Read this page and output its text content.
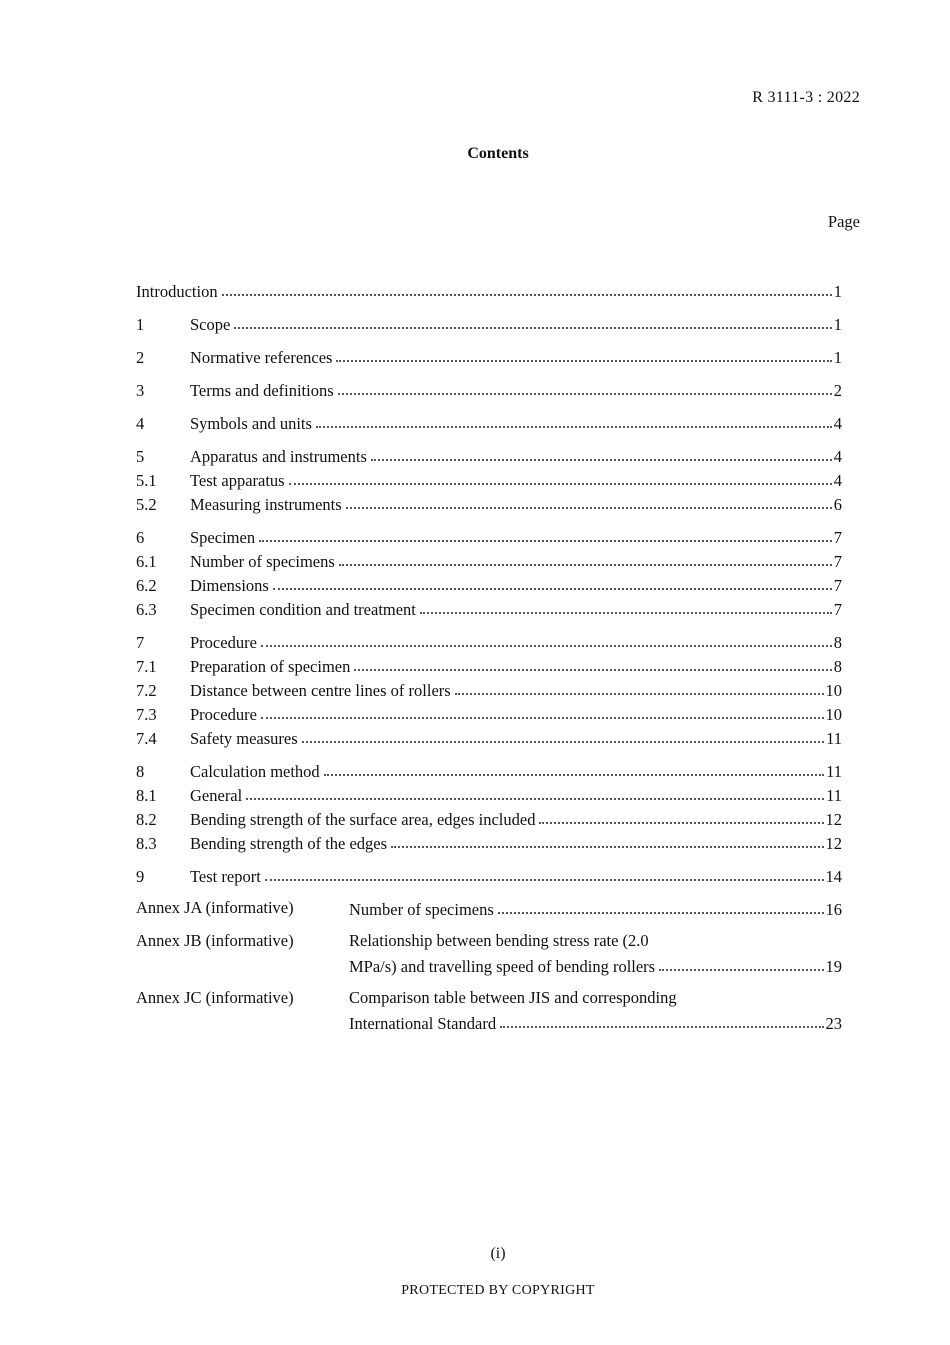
R 3111-3 : 2022
Contents
Page
Introduction	1
1	Scope	1
2	Normative references	1
3	Terms and definitions	2
4	Symbols and units	4
5	Apparatus and instruments	4
5.1	Test apparatus	4
5.2	Measuring instruments	6
6	Specimen	7
6.1	Number of specimens	7
6.2	Dimensions	7
6.3	Specimen condition and treatment	7
7	Procedure	8
7.1	Preparation of specimen	8
7.2	Distance between centre lines of rollers	10
7.3	Procedure	10
7.4	Safety measures	11
8	Calculation method	11
8.1	General	11
8.2	Bending strength of the surface area, edges included	12
8.3	Bending strength of the edges	12
9	Test report	14
Annex JA (informative)	Number of specimens	16
Annex JB (informative)	Relationship between bending stress rate (2.0
MPa/s) and travelling speed of bending rollers	19
Annex JC (informative)	Comparison table between JIS and corresponding
International Standard	23
(i)
PROTECTED BY COPYRIGHT
